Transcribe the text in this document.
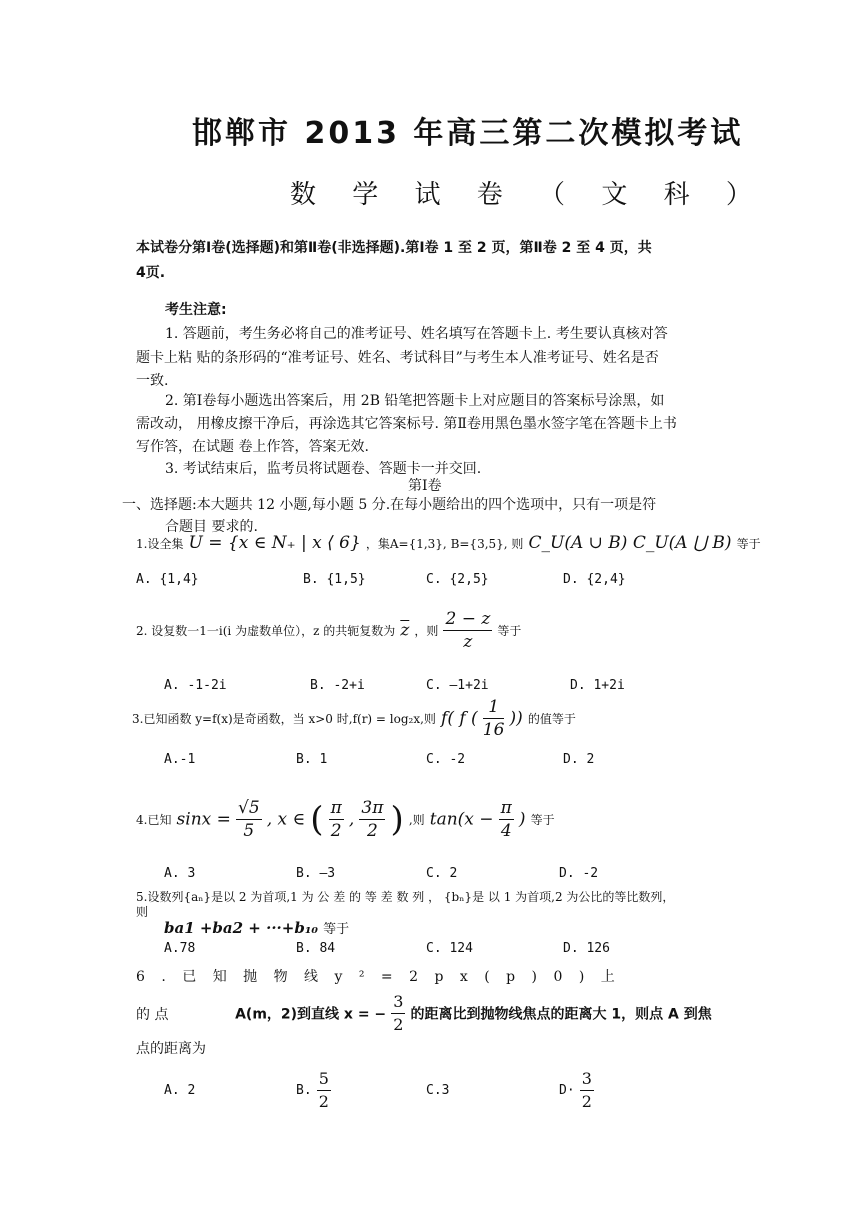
邯郸市 2013 年高三第二次模拟考试
数 学 试 卷 （ 文 科 ）
本试卷分第Ⅰ卷(选择题)和第Ⅱ卷(非选择题).第Ⅰ卷 1 至 2 页，第Ⅱ卷 2 至 4 页，共
4页.
考生注意:
1. 答题前，考生务必将自己的准考证号、姓名填写在答题卡上. 考生要认真核对答
题卡上粘 贴的条形码的“准考证号、姓名、考试科目”与考生本人准考证号、姓名是否
一致.
2. 第Ⅰ卷每小题选出答案后，用 2B 铅笔把答题卡上对应题目的答案标号涂黑，如
需改动， 用橡皮擦干净后，再涂选其它答案标号. 第Ⅱ卷用黑色墨水签字笔在答题卡上书
写作答，在试题 卷上作答，答案无效.
3. 考试结束后，监考员将试题卷、答题卡一并交回.
第Ⅰ卷
一、选择题:本大题共 12 小题,每小题 5 分.在每小题给出的四个选项中，只有一项是符
合题目 要求的.
1.设全集 U = {x ∈ N₊ | x ⟨ 6} ，集A={1,3}, B={3,5}, 则 C_U(A ∪ B) C_U(A ⋃ B) 等于
A. {1,4}	B. {1,5}	C. {2,5}	D. {2,4}
2. 设复数一1一i(i 为虚数单位），z 的共轭复数为 $\overline{z}$ ，则 $\frac{2 - z}{z}$ 等于
A. -1-2i	B. -2+i	C. —1+2i	D. 1+2i
3.已知函数 y=f(x)是奇函数，当 x>0 时,f(r) = log₂x,则 f( f ( $\frac{1}{16}$ )) 的值等于
A.-1	B. 1	C. -2	D. 2
4.已知 $\sin x = \frac{√5}{5}$ , x ∈ ( $\frac{\pi}{2}$ , $\frac{3\pi}{2}$ ) ,则 $\tan(x - \frac{\pi}{4}$ ) 等于
A. 3	B. —3	C. 2	D. -2
5.设数列{aₙ}是以 2 为首项,1 为 公 差 的 等 差 数 列 ， {bₙ}是 以 1 为首项,2 为公比的等比数列，
则
ba1 +ba2 + ···+b₁₀ 等于
A.78	B. 84	C. 124	D. 126
6 . 已 知 抛 物 线 y ² = 2 p x ( p ) 0 ) 上
的 点	A(m，2)到直线 x = − $\frac{3}{2}$ 的距离比到抛物线焦点的距离大 1，则点 A 到焦
点的距离为
A. 2	B. $\frac{5}{2}$	C.3	$D\cdot \frac{3}{2}$
